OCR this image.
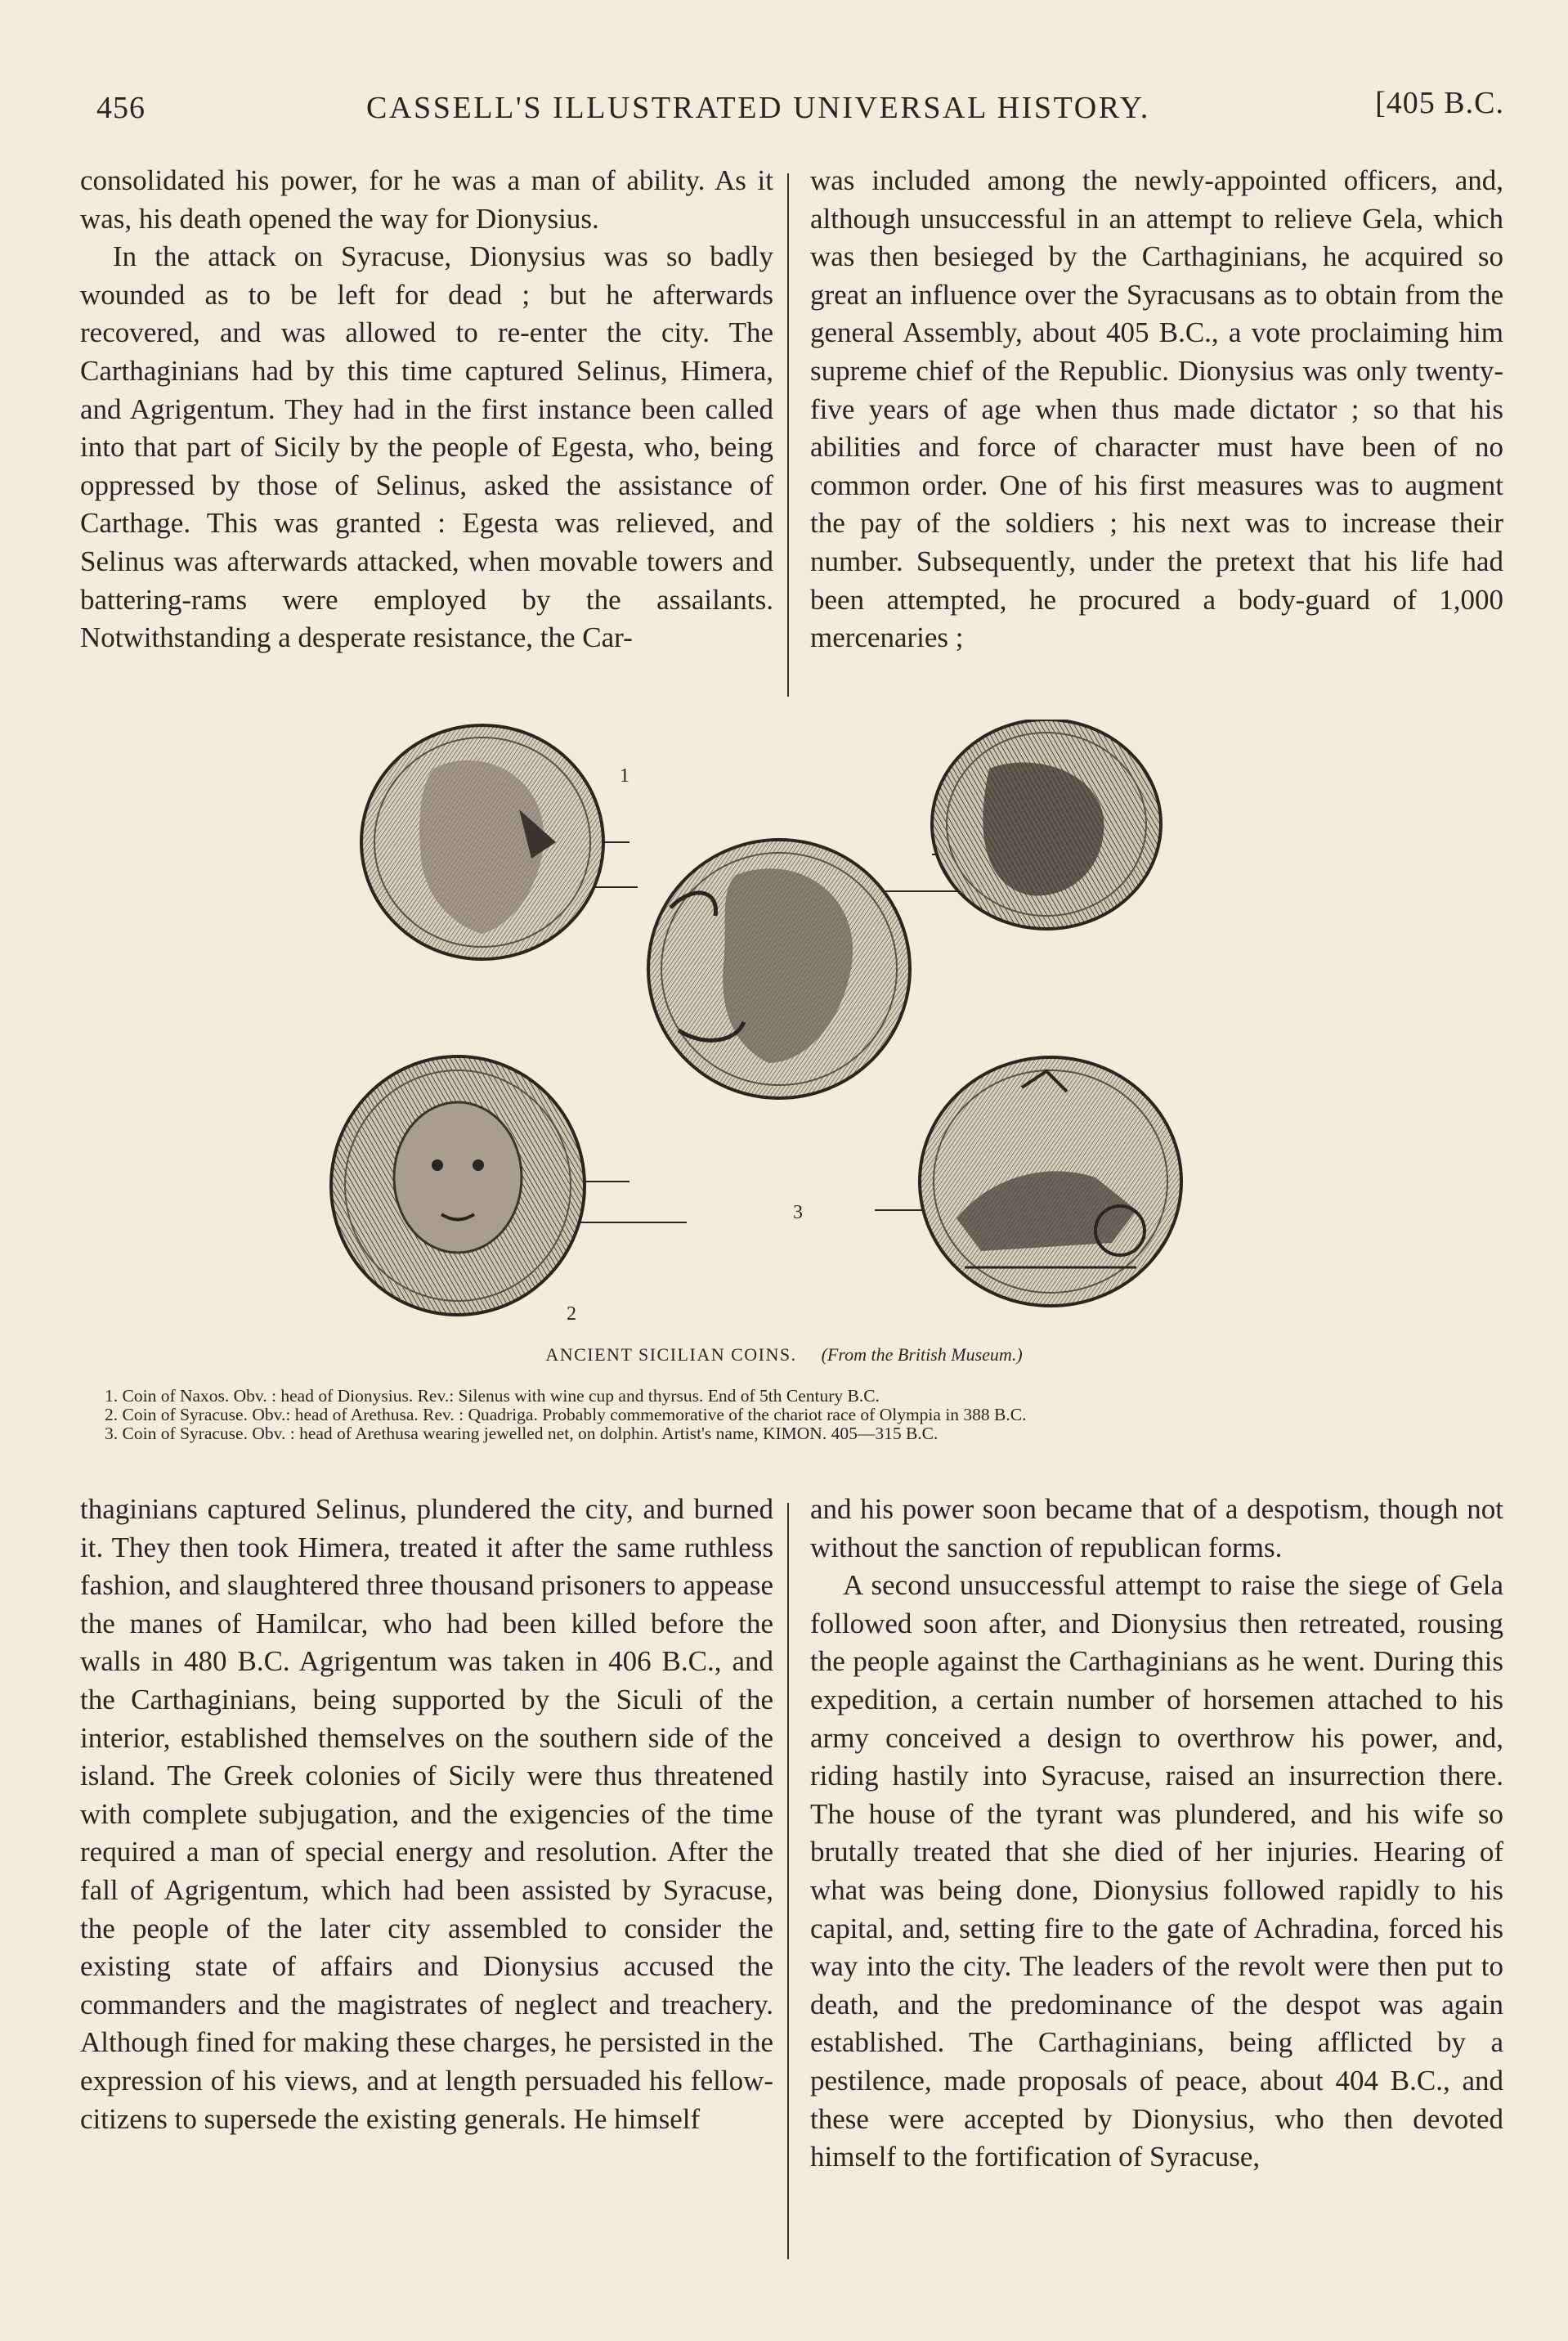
456	CASSELL'S ILLUSTRATED UNIVERSAL HISTORY.	[405 B.C.

consolidated his power, for he was a man of ability. As it was, his death opened the way for Dionysius.

In the attack on Syracuse, Dionysius was so badly wounded as to be left for dead ; but he afterwards recovered, and was allowed to re-enter the city. The Carthaginians had by this time captured Selinus, Himera, and Agrigentum. They had in the first instance been called into that part of Sicily by the people of Egesta, who, being oppressed by those of Selinus, asked the assistance of Carthage. This was granted : Egesta was relieved, and Selinus was afterwards attacked, when movable towers and battering-rams were employed by the assailants. Notwithstanding a desperate resistance, the Car-

was included among the newly-appointed officers, and, although unsuccessful in an attempt to relieve Gela, which was then besieged by the Carthaginians, he acquired so great an influence over the Syracusans as to obtain from the general Assembly, about 405 B.C., a vote proclaiming him supreme chief of the Republic. Dionysius was only twenty-five years of age when thus made dictator ; so that his abilities and force of character must have been of no common order. One of his first measures was to augment the pay of the soldiers ; his next was to increase their number. Subsequently, under the pretext that his life had been attempted, he procured a body-guard of 1,000 mercenaries ;

1
2
3
ANCIENT SICILIAN COINS. (From the British Museum.)
1. Coin of Naxos. Obv. : head of Dionysius. Rev.: Silenus with wine cup and thyrsus. End of 5th Century B.C.
2. Coin of Syracuse. Obv.: head of Arethusa. Rev. : Quadriga. Probably commemorative of the chariot race of Olympia in 388 B.C.
3. Coin of Syracuse. Obv. : head of Arethusa wearing jewelled net, on dolphin. Artist's name, KIMON. 405—315 B.C.

thaginians captured Selinus, plundered the city, and burned it. They then took Himera, treated it after the same ruthless fashion, and slaughtered three thousand prisoners to appease the manes of Hamilcar, who had been killed before the walls in 480 B.C. Agrigentum was taken in 406 B.C., and the Carthaginians, being supported by the Siculi of the interior, established themselves on the southern side of the island. The Greek colonies of Sicily were thus threatened with complete subjugation, and the exigencies of the time required a man of special energy and resolution. After the fall of Agrigentum, which had been assisted by Syracuse, the people of the later city assembled to consider the existing state of affairs and Dionysius accused the commanders and the magistrates of neglect and treachery. Although fined for making these charges, he persisted in the expression of his views, and at length persuaded his fellow-citizens to supersede the existing generals. He himself

and his power soon became that of a despotism, though not without the sanction of republican forms.

A second unsuccessful attempt to raise the siege of Gela followed soon after, and Dionysius then retreated, rousing the people against the Carthaginians as he went. During this expedition, a certain number of horsemen attached to his army conceived a design to overthrow his power, and, riding hastily into Syracuse, raised an insurrection there. The house of the tyrant was plundered, and his wife so brutally treated that she died of her injuries. Hearing of what was being done, Dionysius followed rapidly to his capital, and, setting fire to the gate of Achradina, forced his way into the city. The leaders of the revolt were then put to death, and the predominance of the despot was again established. The Carthaginians, being afflicted by a pestilence, made proposals of peace, about 404 B.C., and these were accepted by Dionysius, who then devoted himself to the fortification of Syracuse,
